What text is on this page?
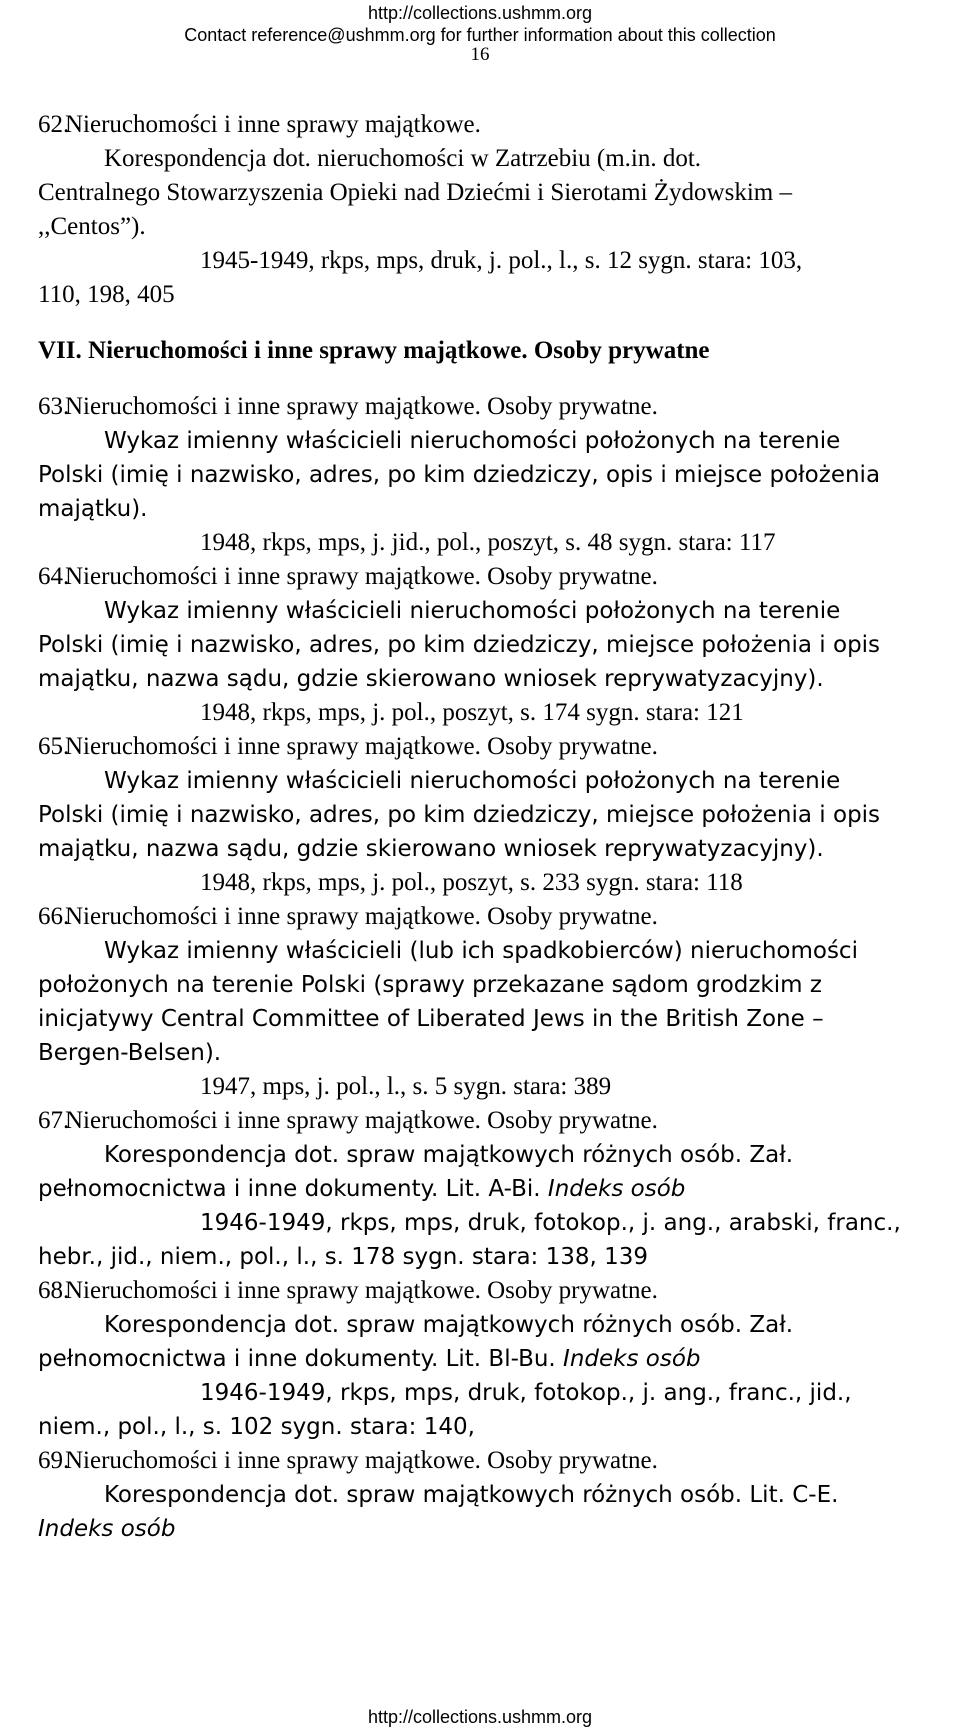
http://collections.ushmm.org
Contact reference@ushmm.org for further information about this collection
16
62.Nieruchomości i inne sprawy majątkowe.
Korespondencja dot. nieruchomości w Zatrzebiu (m.in. dot.
Centralnego Stowarzyszenia Opieki nad Dziećmi i Sierotami Żydowskim –
,,Centos”).
1945-1949, rkps, mps, druk, j. pol., l., s. 12 sygn. stara: 103,
110, 198, 405
VII. Nieruchomości i inne sprawy majątkowe. Osoby prywatne
63.Nieruchomości i inne sprawy majątkowe. Osoby prywatne.
Wykaz imienny właścicieli nieruchomości położonych na terenie
Polski (imię i nazwisko, adres, po kim dziedziczy, opis i miejsce położenia
majątku).
1948, rkps, mps, j. jid., pol., poszyt, s. 48 sygn. stara: 117
64.Nieruchomości i inne sprawy majątkowe. Osoby prywatne.
Wykaz imienny właścicieli nieruchomości położonych na terenie
Polski (imię i nazwisko, adres, po kim dziedziczy, miejsce położenia i opis
majątku, nazwa sądu, gdzie skierowano wniosek reprywatyzacyjny).
1948, rkps, mps, j. pol., poszyt, s. 174 sygn. stara: 121
65.Nieruchomości i inne sprawy majątkowe. Osoby prywatne.
Wykaz imienny właścicieli nieruchomości położonych na terenie
Polski (imię i nazwisko, adres, po kim dziedziczy, miejsce położenia i opis
majątku, nazwa sądu, gdzie skierowano wniosek reprywatyzacyjny).
1948, rkps, mps, j. pol., poszyt, s. 233 sygn. stara: 118
66.Nieruchomości i inne sprawy majątkowe. Osoby prywatne.
Wykaz imienny właścicieli (lub ich spadkobierców) nieruchomości
położonych na terenie Polski (sprawy przekazane sądom grodzkim z
inicjatywy Central Committee of Liberated Jews in the British Zone –
Bergen-Belsen).
1947, mps, j. pol., l., s. 5 sygn. stara: 389
67.Nieruchomości i inne sprawy majątkowe. Osoby prywatne.
Korespondencja dot. spraw majątkowych różnych osób. Zał.
pełnomocnictwa i inne dokumenty. Lit. A-Bi. Indeks osób
1946-1949, rkps, mps, druk, fotokop., j. ang., arabski, franc.,
hebr., jid., niem., pol., l., s. 178 sygn. stara: 138, 139
68.Nieruchomości i inne sprawy majątkowe. Osoby prywatne.
Korespondencja dot. spraw majątkowych różnych osób. Zał.
pełnomocnictwa i inne dokumenty. Lit. Bl-Bu. Indeks osób
1946-1949, rkps, mps, druk, fotokop., j. ang., franc., jid.,
niem., pol., l., s. 102 sygn. stara: 140,
69.Nieruchomości i inne sprawy majątkowe. Osoby prywatne.
Korespondencja dot. spraw majątkowych różnych osób. Lit. C-E.
Indeks osób
http://collections.ushmm.org
